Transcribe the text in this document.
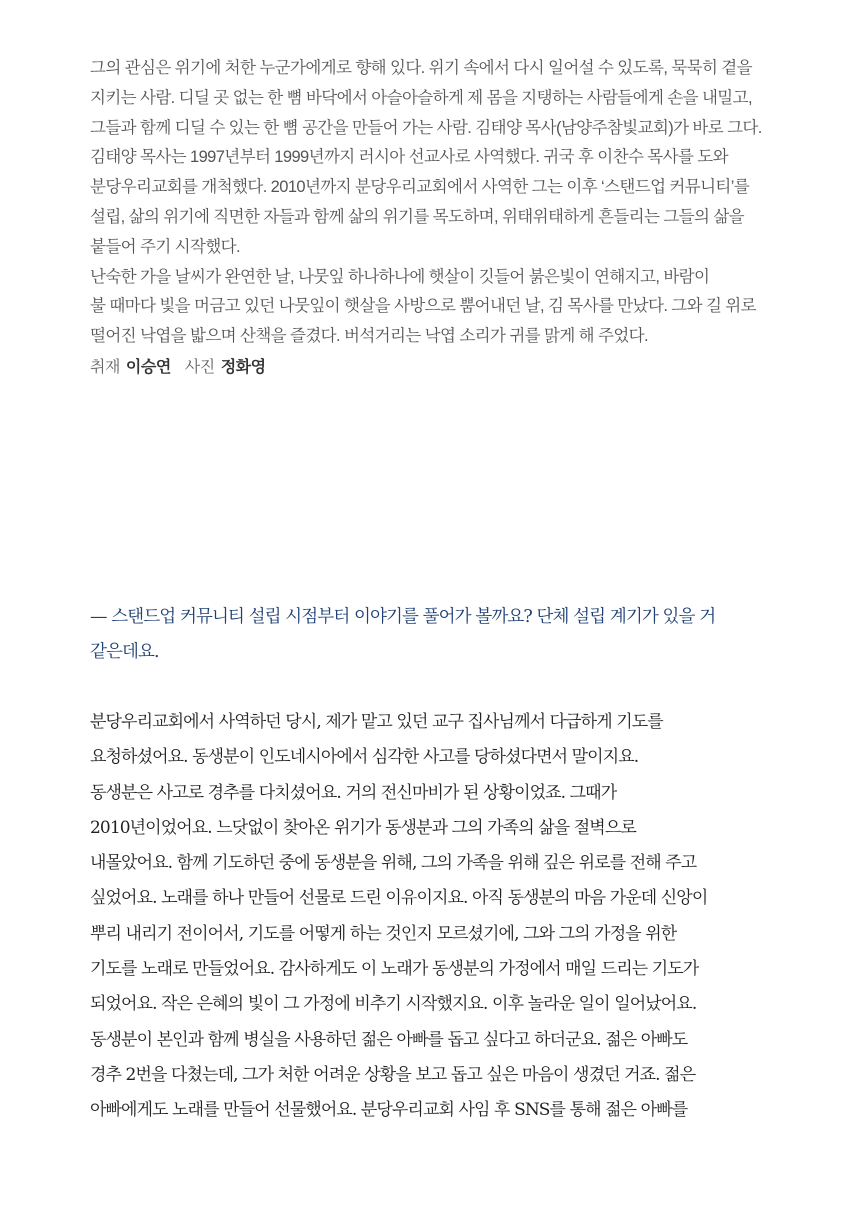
그의 관심은 위기에 처한 누군가에게로 향해 있다. 위기 속에서 다시 일어설 수 있도록, 묵묵히 곁을
지키는 사람. 디딜 곳 없는 한 뼘 바닥에서 아슬아슬하게 제 몸을 지탱하는 사람들에게 손을 내밀고,
그들과 함께 디딜 수 있는 한 뼘 공간을 만들어 가는 사람. 김태양 목사(남양주참빛교회)가 바로 그다.
김태양 목사는 1997년부터 1999년까지 러시아 선교사로 사역했다. 귀국 후 이찬수 목사를 도와
분당우리교회를 개척했다. 2010년까지 분당우리교회에서 사역한 그는 이후 ‘스탠드업 커뮤니티’를
설립, 삶의 위기에 직면한 자들과 함께 삶의 위기를 목도하며, 위태위태하게 흔들리는 그들의 삶을
붙들어 주기 시작했다.
난숙한 가을 날씨가 완연한 날, 나뭇잎 하나하나에 햇살이 깃들어 붉은빛이 연해지고, 바람이
불 때마다 빛을 머금고 있던 나뭇잎이 햇살을 사방으로 뿜어내던 날, 김 목사를 만났다. 그와 길 위로
떨어진 낙엽을 밟으며 산책을 즐겼다. 버석거리는 낙엽 소리가 귀를 맑게 해 주었다.
취재 이승연 사진 정화영
— 스탠드업 커뮤니티 설립 시점부터 이야기를 풀어가 볼까요? 단체 설립 계기가 있을 거
같은데요.
분당우리교회에서 사역하던 당시, 제가 맡고 있던 교구 집사님께서 다급하게 기도를
요청하셨어요. 동생분이 인도네시아에서 심각한 사고를 당하셨다면서 말이지요.
동생분은 사고로 경추를 다치셨어요. 거의 전신마비가 된 상황이었죠. 그때가
2010년이었어요. 느닷없이 찾아온 위기가 동생분과 그의 가족의 삶을 절벽으로
내몰았어요. 함께 기도하던 중에 동생분을 위해, 그의 가족을 위해 깊은 위로를 전해 주고
싶었어요. 노래를 하나 만들어 선물로 드린 이유이지요. 아직 동생분의 마음 가운데 신앙이
뿌리 내리기 전이어서, 기도를 어떻게 하는 것인지 모르셨기에, 그와 그의 가정을 위한
기도를 노래로 만들었어요. 감사하게도 이 노래가 동생분의 가정에서 매일 드리는 기도가
되었어요. 작은 은혜의 빛이 그 가정에 비추기 시작했지요. 이후 놀라운 일이 일어났어요.
동생분이 본인과 함께 병실을 사용하던 젊은 아빠를 돕고 싶다고 하더군요. 젊은 아빠도
경추 2번을 다쳤는데, 그가 처한 어려운 상황을 보고 돕고 싶은 마음이 생겼던 거죠. 젊은
아빠에게도 노래를 만들어 선물했어요. 분당우리교회 사임 후 SNS를 통해 젊은 아빠를
